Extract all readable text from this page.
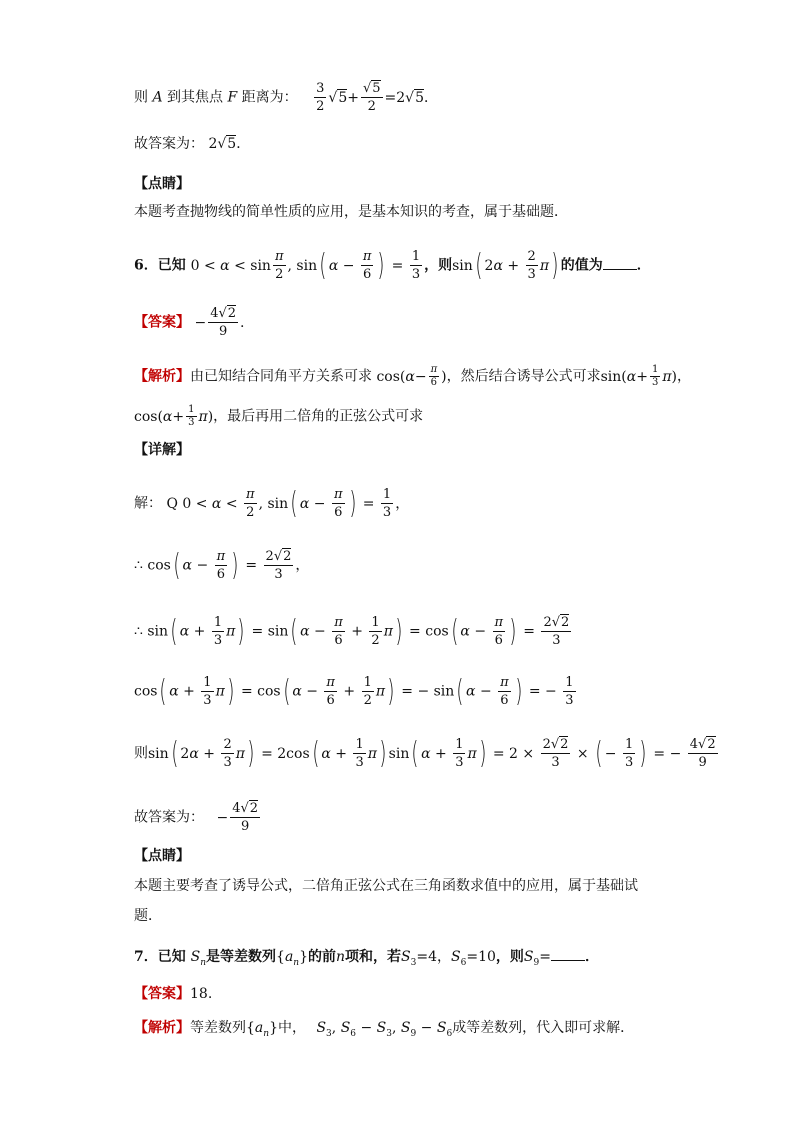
则 A 到其焦点 F 距离为： $\frac{3}{2} √5+ \frac{√5}{2} =2√5$．
故答案为： 2√5．
【点睛】
本题考查抛物线的简单性质的应用，是基本知识的考查，属于基础题．
6．已知 $0 < \alpha < \sin \frac{\pi}{2}$ , sin( $\alpha - \frac{\pi}{6}$ ) = $\frac{1}{3}$ ，则sin( $2\alpha + \frac{2}{3} \pi$) 的值为 ．
【答案】 − $\frac{4√2}{9}$ .
【解析】由已知结合同角平方关系可求 $\cos(\alpha- \frac{\pi}{6}$ )，然后结合诱导公式可求$\sin(\alpha+ \frac{1}{3} \pi)$，
$\cos(\alpha+ \frac{1}{3} \pi)$，最后再用二倍角的正弦公式可求
【详解】
解： Q $0 < \alpha < \frac{\pi}{2}$ , sin( $\alpha - \frac{\pi}{6}$ ) = $\frac{1}{3}$ ，
∴ cos( $\alpha - \frac{\pi}{6}$ ) = $\frac{2√2}{3}$ ，
∴ sin( $\alpha + \frac{1}{3} \pi) = \sin$( $\alpha - \frac{\pi}{6} + \frac{1}{2} \pi) = \cos$( $\alpha - \frac{\pi}{6}$ ) = $\frac{2√2}{3}$
cos( $\alpha + \frac{1}{3} \pi) = \cos$( $\alpha - \frac{\pi}{6} + \frac{1}{2} \pi$) = − sin( $\alpha - \frac{\pi}{6}$ ) = − $\frac{1}{3}$
则sin( $2\alpha + \frac{2}{3} \pi) = 2\cos$( $\alpha + \frac{1}{3} \pi$) sin( $\alpha + \frac{1}{3} \pi) = 2 \times \frac{2√2}{3}$ × ( − $\frac{1}{3}$ ) = − $\frac{4√2}{9}$
故答案为： − $\frac{4√2}{9}$
【点睛】
本题主要考查了诱导公式，二倍角正弦公式在三角函数求值中的应用，属于基础试
题．
7．已知 $S_n$是等差数列$\{a_n\}$的前n项和，若$S_3=4$，$S_6=10$，则$S_9=$ ．
【答案】18.
【解析】等差数列$\{a_n\}$中， $S_3$, $S_6 - S_3$, $S_9 - S_6$成等差数列，代入即可求解．
